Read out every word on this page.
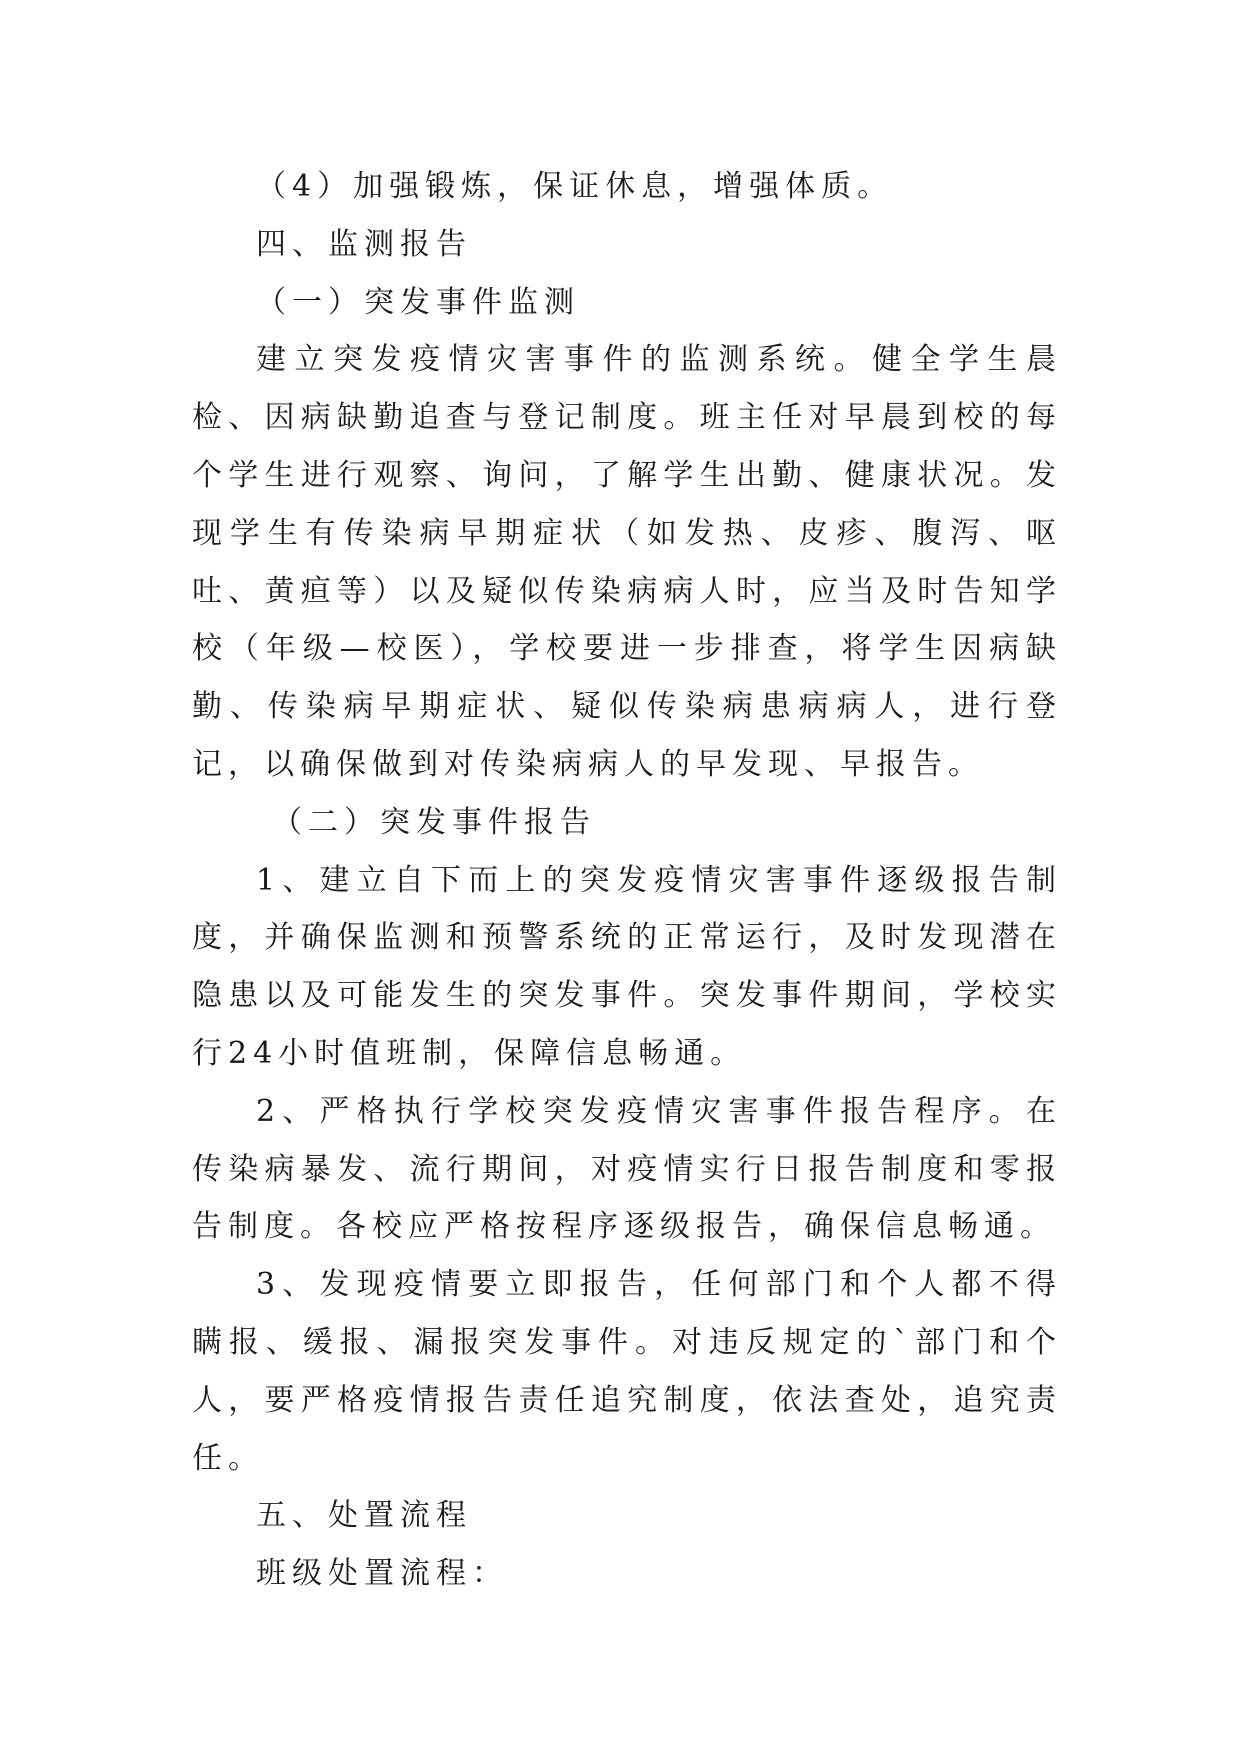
（4）加强锻炼，保证休息，增强体质。

四、监测报告

（一）突发事件监测

建立突发疫情灾害事件的监测系统。健全学生晨检、因病缺勤追查与登记制度。班主任对早晨到校的每个学生进行观察、询问，了解学生出勤、健康状况。发现学生有传染病早期症状（如发热、皮疹、腹泻、呕吐、黄疸等）以及疑似传染病病人时，应当及时告知学校（年级—校医），学校要进一步排查，将学生因病缺勤、传染病早期症状、疑似传染病患病病人，进行登记，以确保做到对传染病病人的早发现、早报告。

（二）突发事件报告

1、建立自下而上的突发疫情灾害事件逐级报告制度，并确保监测和预警系统的正常运行，及时发现潜在隐患以及可能发生的突发事件。突发事件期间，学校实行24小时值班制，保障信息畅通。

2、严格执行学校突发疫情灾害事件报告程序。在传染病暴发、流行期间，对疫情实行日报告制度和零报告制度。各校应严格按程序逐级报告，确保信息畅通。

3、发现疫情要立即报告，任何部门和个人都不得瞒报、缓报、漏报突发事件。对违反规定的`部门和个人，要严格疫情报告责任追究制度，依法查处，追究责任。

五、处置流程

班级处置流程：
